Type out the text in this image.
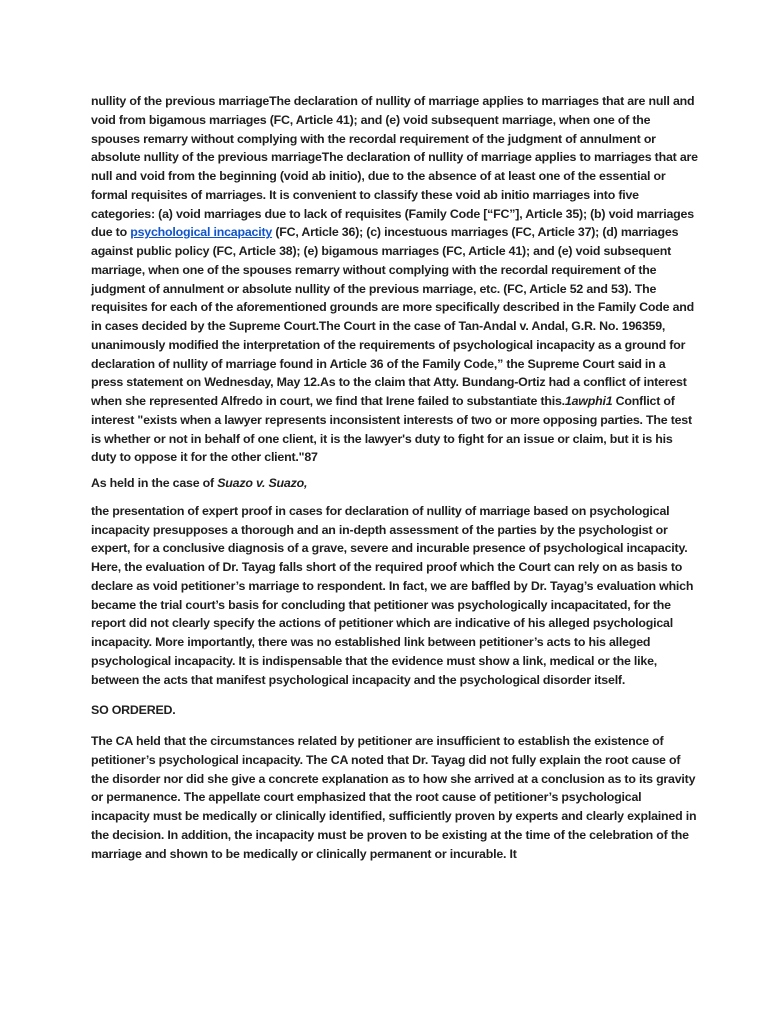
nullity of the previous marriageThe declaration of nullity of marriage applies to marriages that are null and void from bigamous marriages (FC, Article 41); and (e) void subsequent marriage, when one of the spouses remarry without complying with the recordal requirement of the judgment of annulment or absolute nullity of the previous marriageThe declaration of nullity of marriage applies to marriages that are null and void from the beginning (void ab initio), due to the absence of at least one of the essential or formal requisites of marriages. It is convenient to classify these void ab initio marriages into five categories: (a) void marriages due to lack of requisites (Family Code [“FC”], Article 35); (b) void marriages due to psychological incapacity (FC, Article 36); (c) incestuous marriages (FC, Article 37); (d) marriages against public policy (FC, Article 38); (e) bigamous marriages (FC, Article 41); and (e) void subsequent marriage, when one of the spouses remarry without complying with the recordal requirement of the judgment of annulment or absolute nullity of the previous marriage, etc. (FC, Article 52 and 53). The requisites for each of the aforementioned grounds are more specifically described in the Family Code and in cases decided by the Supreme Court.The Court in the case of Tan-Andal v. Andal, G.R. No. 196359, unanimously modified the interpretation of the requirements of psychological incapacity as a ground for declaration of nullity of marriage found in Article 36 of the Family Code,” the Supreme Court said in a press statement on Wednesday, May 12.As to the claim that Atty. Bundang-Ortiz had a conflict of interest when she represented Alfredo in court, we find that Irene failed to substantiate this.1awphi1 Conflict of interest "exists when a lawyer represents inconsistent interests of two or more opposing parties. The test is whether or not in behalf of one client, it is the lawyer's duty to fight for an issue or claim, but it is his duty to oppose it for the other client."87

As held in the case of Suazo v. Suazo,

the presentation of expert proof in cases for declaration of nullity of marriage based on psychological incapacity presupposes a thorough and an in-depth assessment of the parties by the psychologist or expert, for a conclusive diagnosis of a grave, severe and incurable presence of psychological incapacity. Here, the evaluation of Dr. Tayag falls short of the required proof which the Court can rely on as basis to declare as void petitioner’s marriage to respondent. In fact, we are baffled by Dr. Tayag’s evaluation which became the trial court’s basis for concluding that petitioner was psychologically incapacitated, for the report did not clearly specify the actions of petitioner which are indicative of his alleged psychological incapacity. More importantly, there was no established link between petitioner’s acts to his alleged psychological incapacity. It is indispensable that the evidence must show a link, medical or the like, between the acts that manifest psychological incapacity and the psychological disorder itself.

SO ORDERED.

The CA held that the circumstances related by petitioner are insufficient to establish the existence of petitioner’s psychological incapacity. The CA noted that Dr. Tayag did not fully explain the root cause of the disorder nor did she give a concrete explanation as to how she arrived at a conclusion as to its gravity or permanence. The appellate court emphasized that the root cause of petitioner’s psychological incapacity must be medically or clinically identified, sufficiently proven by experts and clearly explained in the decision. In addition, the incapacity must be proven to be existing at the time of the celebration of the marriage and shown to be medically or clinically permanent or incurable. It
